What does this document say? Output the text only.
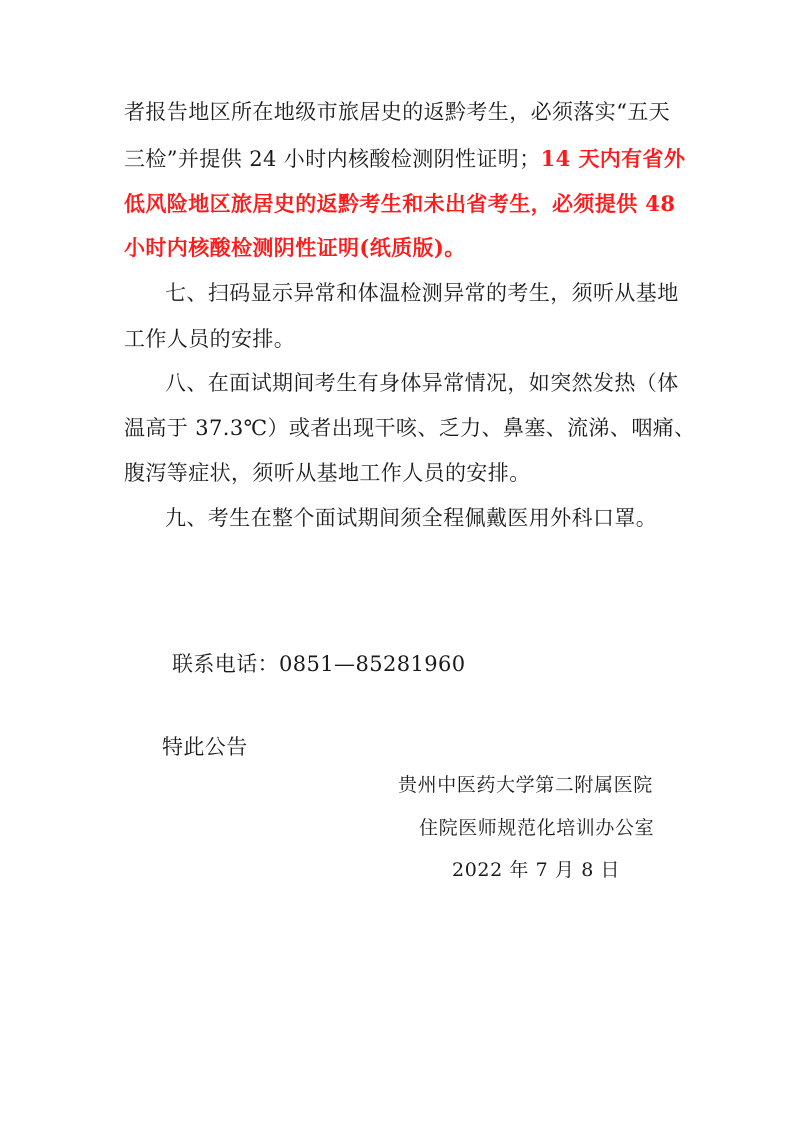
者报告地区所在地级市旅居史的返黔考生，必须落实“五天
三检”并提供 24 小时内核酸检测阴性证明；14 天内有省外
低风险地区旅居史的返黔考生和未出省考生，必须提供 48
小时内核酸检测阴性证明(纸质版)。
七、扫码显示异常和体温检测异常的考生，须听从基地
工作人员的安排。
八、在面试期间考生有身体异常情况，如突然发热（体
温高于 37.3℃）或者出现干咳、乏力、鼻塞、流涕、咽痛、
腹泻等症状，须听从基地工作人员的安排。
九、考生在整个面试期间须全程佩戴医用外科口罩。
联系电话：0851—85281960
特此公告
贵州中医药大学第二附属医院
住院医师规范化培训办公室
2022 年 7 月 8 日
